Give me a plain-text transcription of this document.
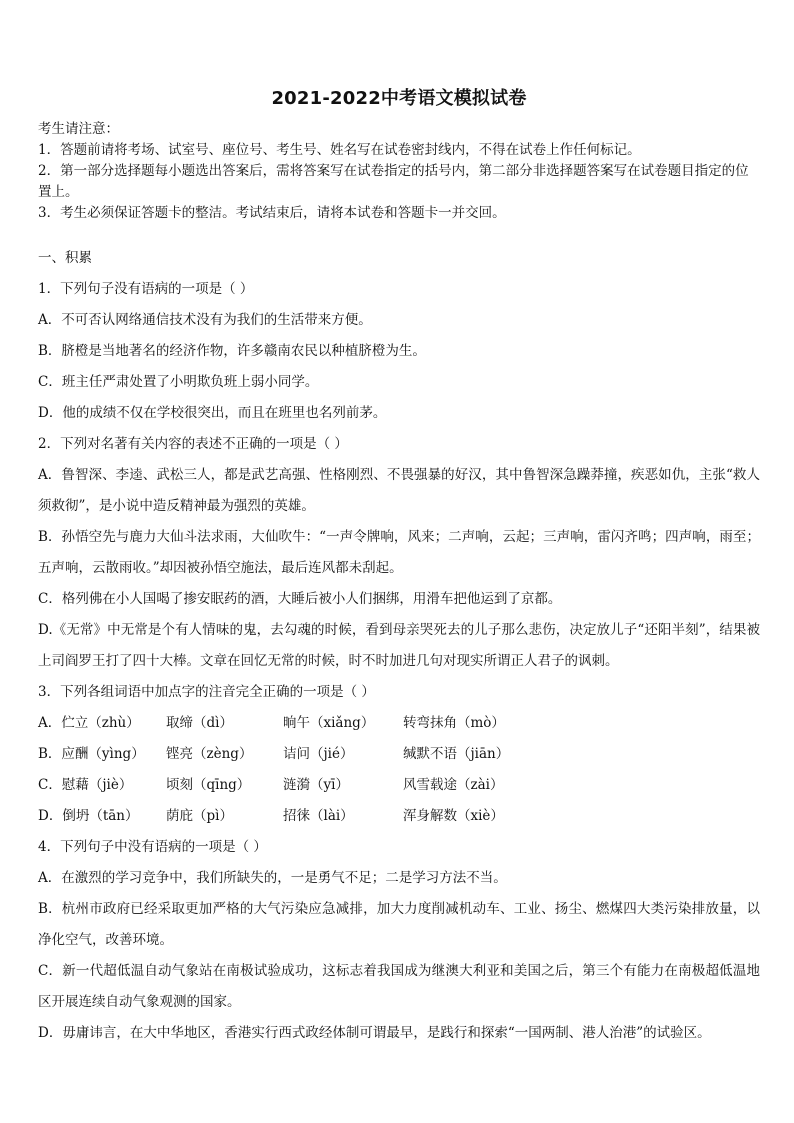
2021-2022中考语文模拟试卷

考生请注意：

1．答题前请将考场、试室号、座位号、考生号、姓名写在试卷密封线内，不得在试卷上作任何标记。

2．第一部分选择题每小题选出答案后，需将答案写在试卷指定的括号内，第二部分非选择题答案写在试卷题目指定的位置上。

3．考生必须保证答题卡的整洁。考试结束后，请将本试卷和答题卡一并交回。

一、积累

1．下列句子没有语病的一项是（ ）

A．不可否认网络通信技术没有为我们的生活带来方便。

B．脐橙是当地著名的经济作物，许多赣南农民以种植脐橙为生。

C．班主任严肃处置了小明欺负班上弱小同学。

D．他的成绩不仅在学校很突出，而且在班里也名列前茅。

2．下列对名著有关内容的表述不正确的一项是（ ）

A．鲁智深、李逵、武松三人，都是武艺高强、性格刚烈、不畏强暴的好汉，其中鲁智深急躁莽撞，疾恶如仇，主张“救人须救彻”，是小说中造反精神最为强烈的英雄。

B．孙悟空先与鹿力大仙斗法求雨，大仙吹牛：“一声令牌响，风来；二声响，云起；三声响，雷闪齐鸣；四声响，雨至；五声响，云散雨收。”却因被孙悟空施法，最后连风都未刮起。

C．格列佛在小人国喝了掺安眠药的酒，大睡后被小人们捆绑，用滑车把他运到了京都。

D.《无常》中无常是个有人情味的鬼，去勾魂的时候，看到母亲哭死去的儿子那么悲伤，决定放儿子“还阳半刻”，结果被上司阎罗王打了四十大棒。文章在回忆无常的时候，时不时加进几句对现实所谓正人君子的讽刺。

3．下列各组词语中加点字的注音完全正确的一项是（ ）

A．伫立（zhù）	取缔（dì）	晌午（xiǎng）	转弯抹角（mò）
B．应酬（yìng）	铿亮（zèng）	诘问（jié）	缄默不语（jiān）
C．慰藉（jiè）	顷刻（qīng）	涟漪（yī）	风雪载途（zài）
D．倒坍（tān）	荫庇（pì）	招徕（lài）	浑身解数（xiè）

4．下列句子中没有语病的一项是（ ）

A．在激烈的学习竞争中，我们所缺失的，一是勇气不足；二是学习方法不当。

B．杭州市政府已经采取更加严格的大气污染应急减排，加大力度削减机动车、工业、扬尘、燃煤四大类污染排放量，以净化空气，改善环境。

C．新一代超低温自动气象站在南极试验成功，这标志着我国成为继澳大利亚和美国之后，第三个有能力在南极超低温地区开展连续自动气象观测的国家。

D．毋庸讳言，在大中华地区，香港实行西式政经体制可谓最早，是践行和探索“一国两制、港人治港”的试验区。
